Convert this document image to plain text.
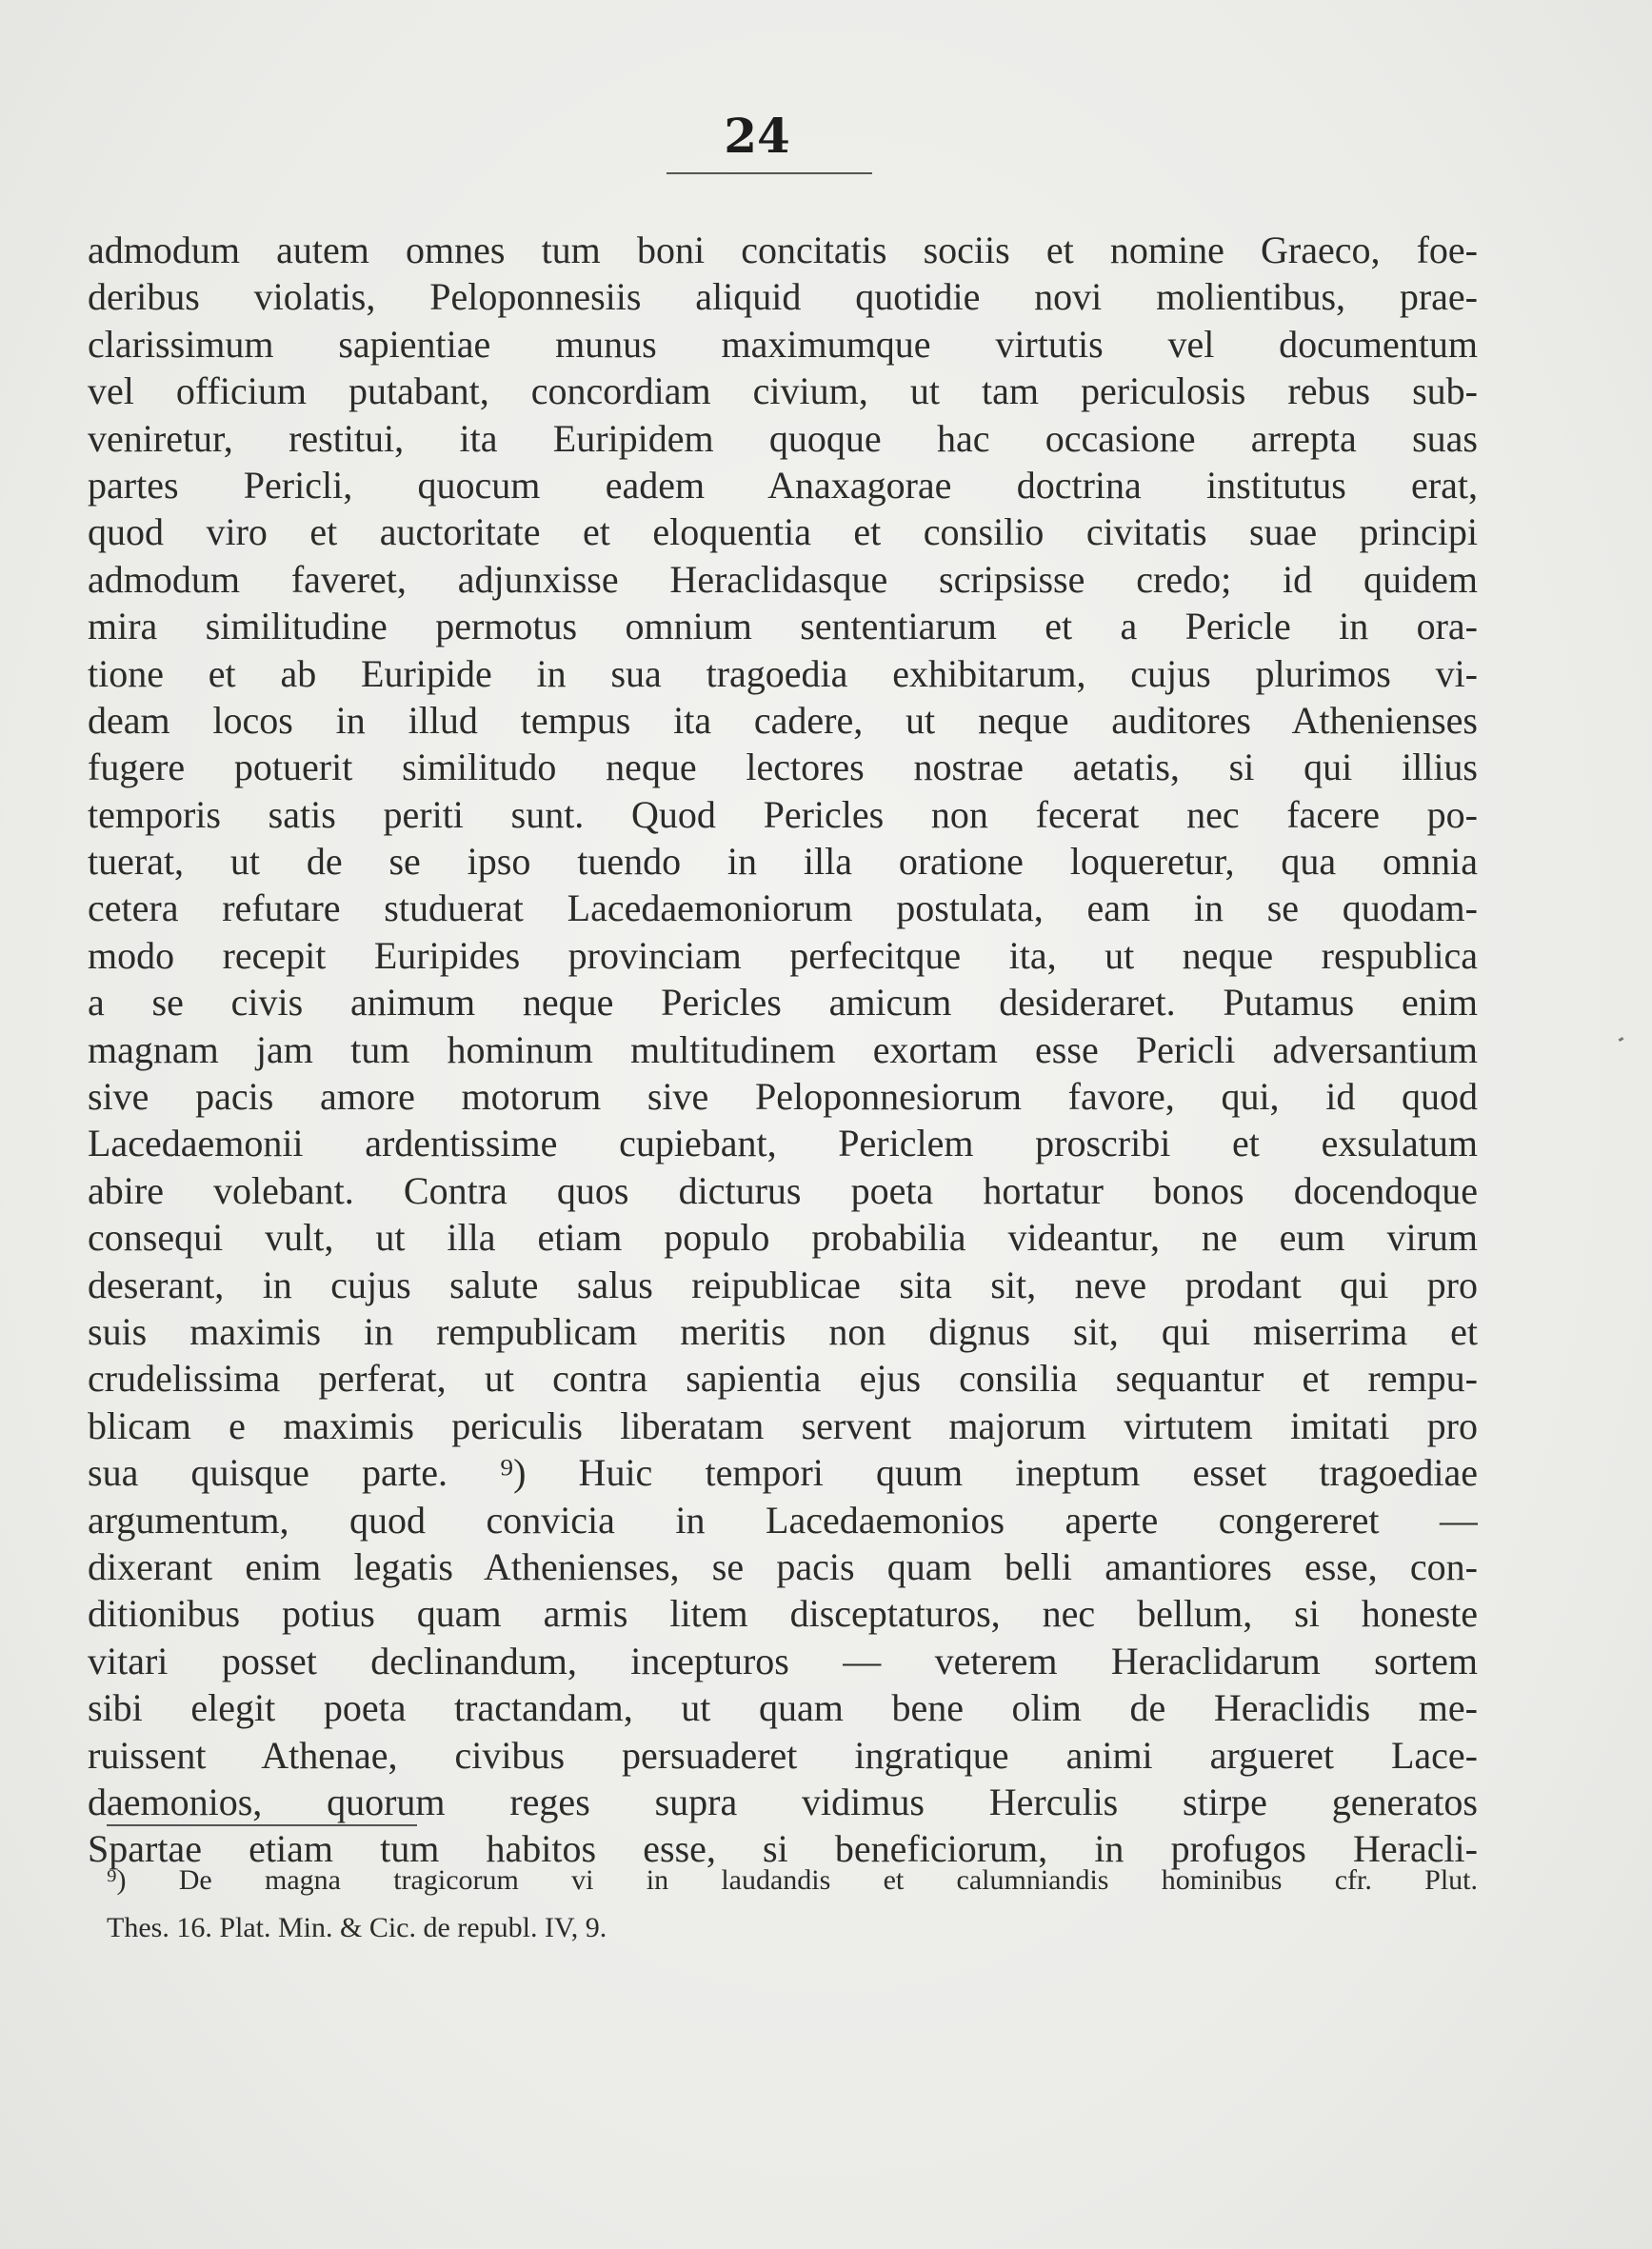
24
admodum autem omnes tum boni concitatis sociis et nomine Graeco, foe-
deribus violatis, Peloponnesiis aliquid quotidie novi molientibus, prae-
clarissimum sapientiae munus maximumque virtutis vel documentum
vel officium putabant, concordiam civium, ut tam periculosis rebus sub-
veniretur, restitui, ita Euripidem quoque hac occasione arrepta suas
partes Pericli, quocum eadem Anaxagorae doctrina institutus erat,
quod viro et auctoritate et eloquentia et consilio civitatis suae principi
admodum faveret, adjunxisse Heraclidasque scripsisse credo; id quidem
mira similitudine permotus omnium sententiarum et a Pericle in ora-
tione et ab Euripide in sua tragoedia exhibitarum, cujus plurimos vi-
deam locos in illud tempus ita cadere, ut neque auditores Athenienses
fugere potuerit similitudo neque lectores nostrae aetatis, si qui illius
temporis satis periti sunt. Quod Pericles non fecerat nec facere po-
tuerat, ut de se ipso tuendo in illa oratione loqueretur, qua omnia
cetera refutare studuerat Lacedaemoniorum postulata, eam in se quodam-
modo recepit Euripides provinciam perfecitque ita, ut neque respublica
a se civis animum neque Pericles amicum desideraret. Putamus enim
magnam jam tum hominum multitudinem exortam esse Pericli adversantium
sive pacis amore motorum sive Peloponnesiorum favore, qui, id quod
Lacedaemonii ardentissime cupiebant, Periclem proscribi et exsulatum
abire volebant. Contra quos dicturus poeta hortatur bonos docendoque
consequi vult, ut illa etiam populo probabilia videantur, ne eum virum
deserant, in cujus salute salus reipublicae sita sit, neve prodant qui pro
suis maximis in rempublicam meritis non dignus sit, qui miserrima et
crudelissima perferat, ut contra sapientia ejus consilia sequantur et rempu-
blicam e maximis periculis liberatam servent majorum virtutem imitati pro
sua quisque parte. ⁹) Huic tempori quum ineptum esset tragoediae
argumentum, quod convicia in Lacedaemonios aperte congereret —
dixerant enim legatis Athenienses, se pacis quam belli amantiores esse, con-
ditionibus potius quam armis litem disceptaturos, nec bellum, si honeste
vitari posset declinandum, incepturos — veterem Heraclidarum sortem
sibi elegit poeta tractandam, ut quam bene olim de Heraclidis me-
ruissent Athenae, civibus persuaderet ingratique animi argueret Lace-
daemonios, quorum reges supra vidimus Herculis stirpe generatos
Spartae etiam tum habitos esse, si beneficiorum, in profugos Heracli-
⁹) De magna tragicorum vi in laudandis et calumniandis hominibus cfr. Plut.
Thes. 16. Plat. Min. & Cic. de republ. IV, 9.
